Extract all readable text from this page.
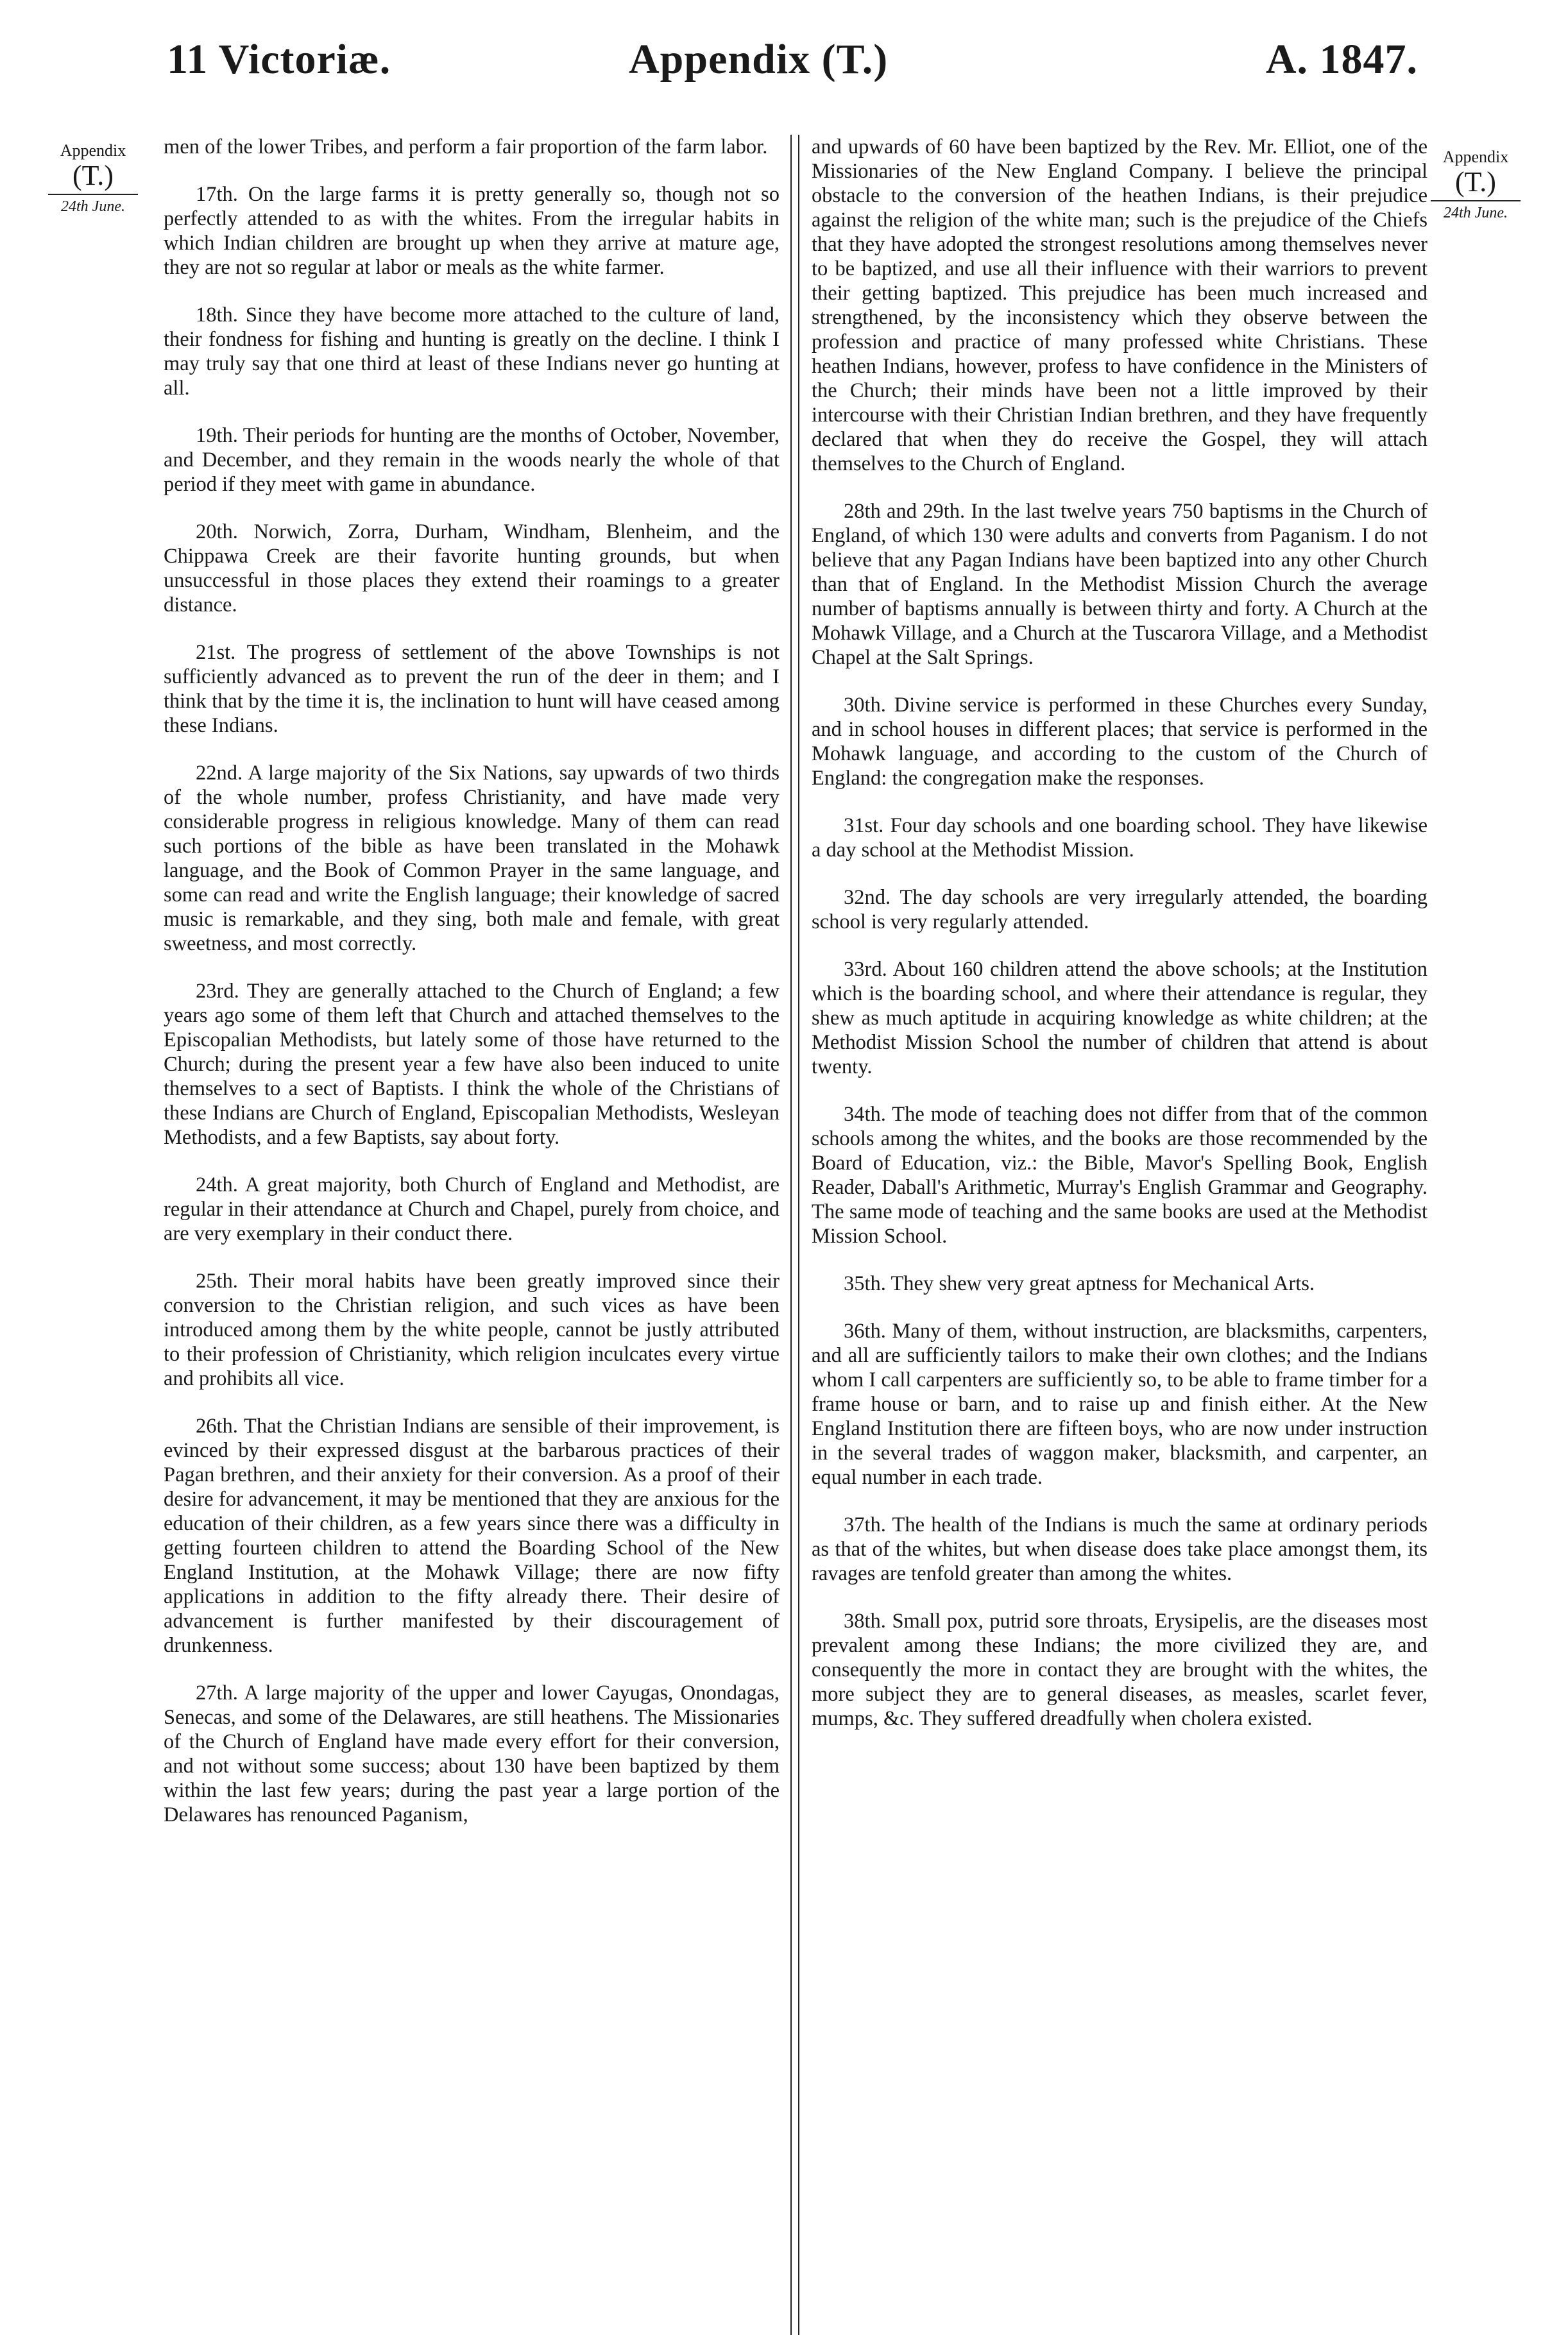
11 Victoriæ.	Appendix (T.)	A. 1847.
Appendix
(T.)
24th June.
Appendix
(T.)
24th June.

men of the lower Tribes, and perform a fair proportion of the farm labor.

17th. On the large farms it is pretty generally so, though not so perfectly attended to as with the whites. From the irregular habits in which Indian children are brought up when they arrive at mature age, they are not so regular at labor or meals as the white farmer.

18th. Since they have become more attached to the culture of land, their fondness for fishing and hunting is greatly on the decline. I think I may truly say that one third at least of these Indians never go hunting at all.

19th. Their periods for hunting are the months of October, November, and December, and they remain in the woods nearly the whole of that period if they meet with game in abundance.

20th. Norwich, Zorra, Durham, Windham, Blenheim, and the Chippawa Creek are their favorite hunting grounds, but when unsuccessful in those places they extend their roamings to a greater distance.

21st. The progress of settlement of the above Townships is not sufficiently advanced as to prevent the run of the deer in them; and I think that by the time it is, the inclination to hunt will have ceased among these Indians.

22nd. A large majority of the Six Nations, say upwards of two thirds of the whole number, profess Christianity, and have made very considerable progress in religious knowledge. Many of them can read such portions of the bible as have been translated in the Mohawk language, and the Book of Common Prayer in the same language, and some can read and write the English language; their knowledge of sacred music is remarkable, and they sing, both male and female, with great sweetness, and most correctly.

23rd. They are generally attached to the Church of England; a few years ago some of them left that Church and attached themselves to the Episcopalian Methodists, but lately some of those have returned to the Church; during the present year a few have also been induced to unite themselves to a sect of Baptists. I think the whole of the Christians of these Indians are Church of England, Episcopalian Methodists, Wesleyan Methodists, and a few Baptists, say about forty.

24th. A great majority, both Church of England and Methodist, are regular in their attendance at Church and Chapel, purely from choice, and are very exemplary in their conduct there.

25th. Their moral habits have been greatly improved since their conversion to the Christian religion, and such vices as have been introduced among them by the white people, cannot be justly attributed to their profession of Christianity, which religion inculcates every virtue and prohibits all vice.

26th. That the Christian Indians are sensible of their improvement, is evinced by their expressed disgust at the barbarous practices of their Pagan brethren, and their anxiety for their conversion. As a proof of their desire for advancement, it may be mentioned that they are anxious for the education of their children, as a few years since there was a difficulty in getting fourteen children to attend the Boarding School of the New England Institution, at the Mohawk Village; there are now fifty applications in addition to the fifty already there. Their desire of advancement is further manifested by their discouragement of drunkenness.

27th. A large majority of the upper and lower Cayugas, Onondagas, Senecas, and some of the Delawares, are still heathens. The Missionaries of the Church of England have made every effort for their conversion, and not without some success; about 130 have been baptized by them within the last few years; during the past year a large portion of the Delawares has renounced Paganism,

and upwards of 60 have been baptized by the Rev. Mr. Elliot, one of the Missionaries of the New England Company. I believe the principal obstacle to the conversion of the heathen Indians, is their prejudice against the religion of the white man; such is the prejudice of the Chiefs that they have adopted the strongest resolutions among themselves never to be baptized, and use all their influence with their warriors to prevent their getting baptized. This prejudice has been much increased and strengthened, by the inconsistency which they observe between the profession and practice of many professed white Christians. These heathen Indians, however, profess to have confidence in the Ministers of the Church; their minds have been not a little improved by their intercourse with their Christian Indian brethren, and they have frequently declared that when they do receive the Gospel, they will attach themselves to the Church of England.

28th and 29th. In the last twelve years 750 baptisms in the Church of England, of which 130 were adults and converts from Paganism. I do not believe that any Pagan Indians have been baptized into any other Church than that of England. In the Methodist Mission Church the average number of baptisms annually is between thirty and forty. A Church at the Mohawk Village, and a Church at the Tuscarora Village, and a Methodist Chapel at the Salt Springs.

30th. Divine service is performed in these Churches every Sunday, and in school houses in different places; that service is performed in the Mohawk language, and according to the custom of the Church of England: the congregation make the responses.

31st. Four day schools and one boarding school. They have likewise a day school at the Methodist Mission.

32nd. The day schools are very irregularly attended, the boarding school is very regularly attended.

33rd. About 160 children attend the above schools; at the Institution which is the boarding school, and where their attendance is regular, they shew as much aptitude in acquiring knowledge as white children; at the Methodist Mission School the number of children that attend is about twenty.

34th. The mode of teaching does not differ from that of the common schools among the whites, and the books are those recommended by the Board of Education, viz.: the Bible, Mavor's Spelling Book, English Reader, Daball's Arithmetic, Murray's English Grammar and Geography. The same mode of teaching and the same books are used at the Methodist Mission School.

35th. They shew very great aptness for Mechanical Arts.

36th. Many of them, without instruction, are blacksmiths, carpenters, and all are sufficiently tailors to make their own clothes; and the Indians whom I call carpenters are sufficiently so, to be able to frame timber for a frame house or barn, and to raise up and finish either. At the New England Institution there are fifteen boys, who are now under instruction in the several trades of waggon maker, blacksmith, and carpenter, an equal number in each trade.

37th. The health of the Indians is much the same at ordinary periods as that of the whites, but when disease does take place amongst them, its ravages are tenfold greater than among the whites.

38th. Small pox, putrid sore throats, Erysipelis, are the diseases most prevalent among these Indians; the more civilized they are, and consequently the more in contact they are brought with the whites, the more subject they are to general diseases, as measles, scarlet fever, mumps, &c. They suffered dreadfully when cholera existed.
